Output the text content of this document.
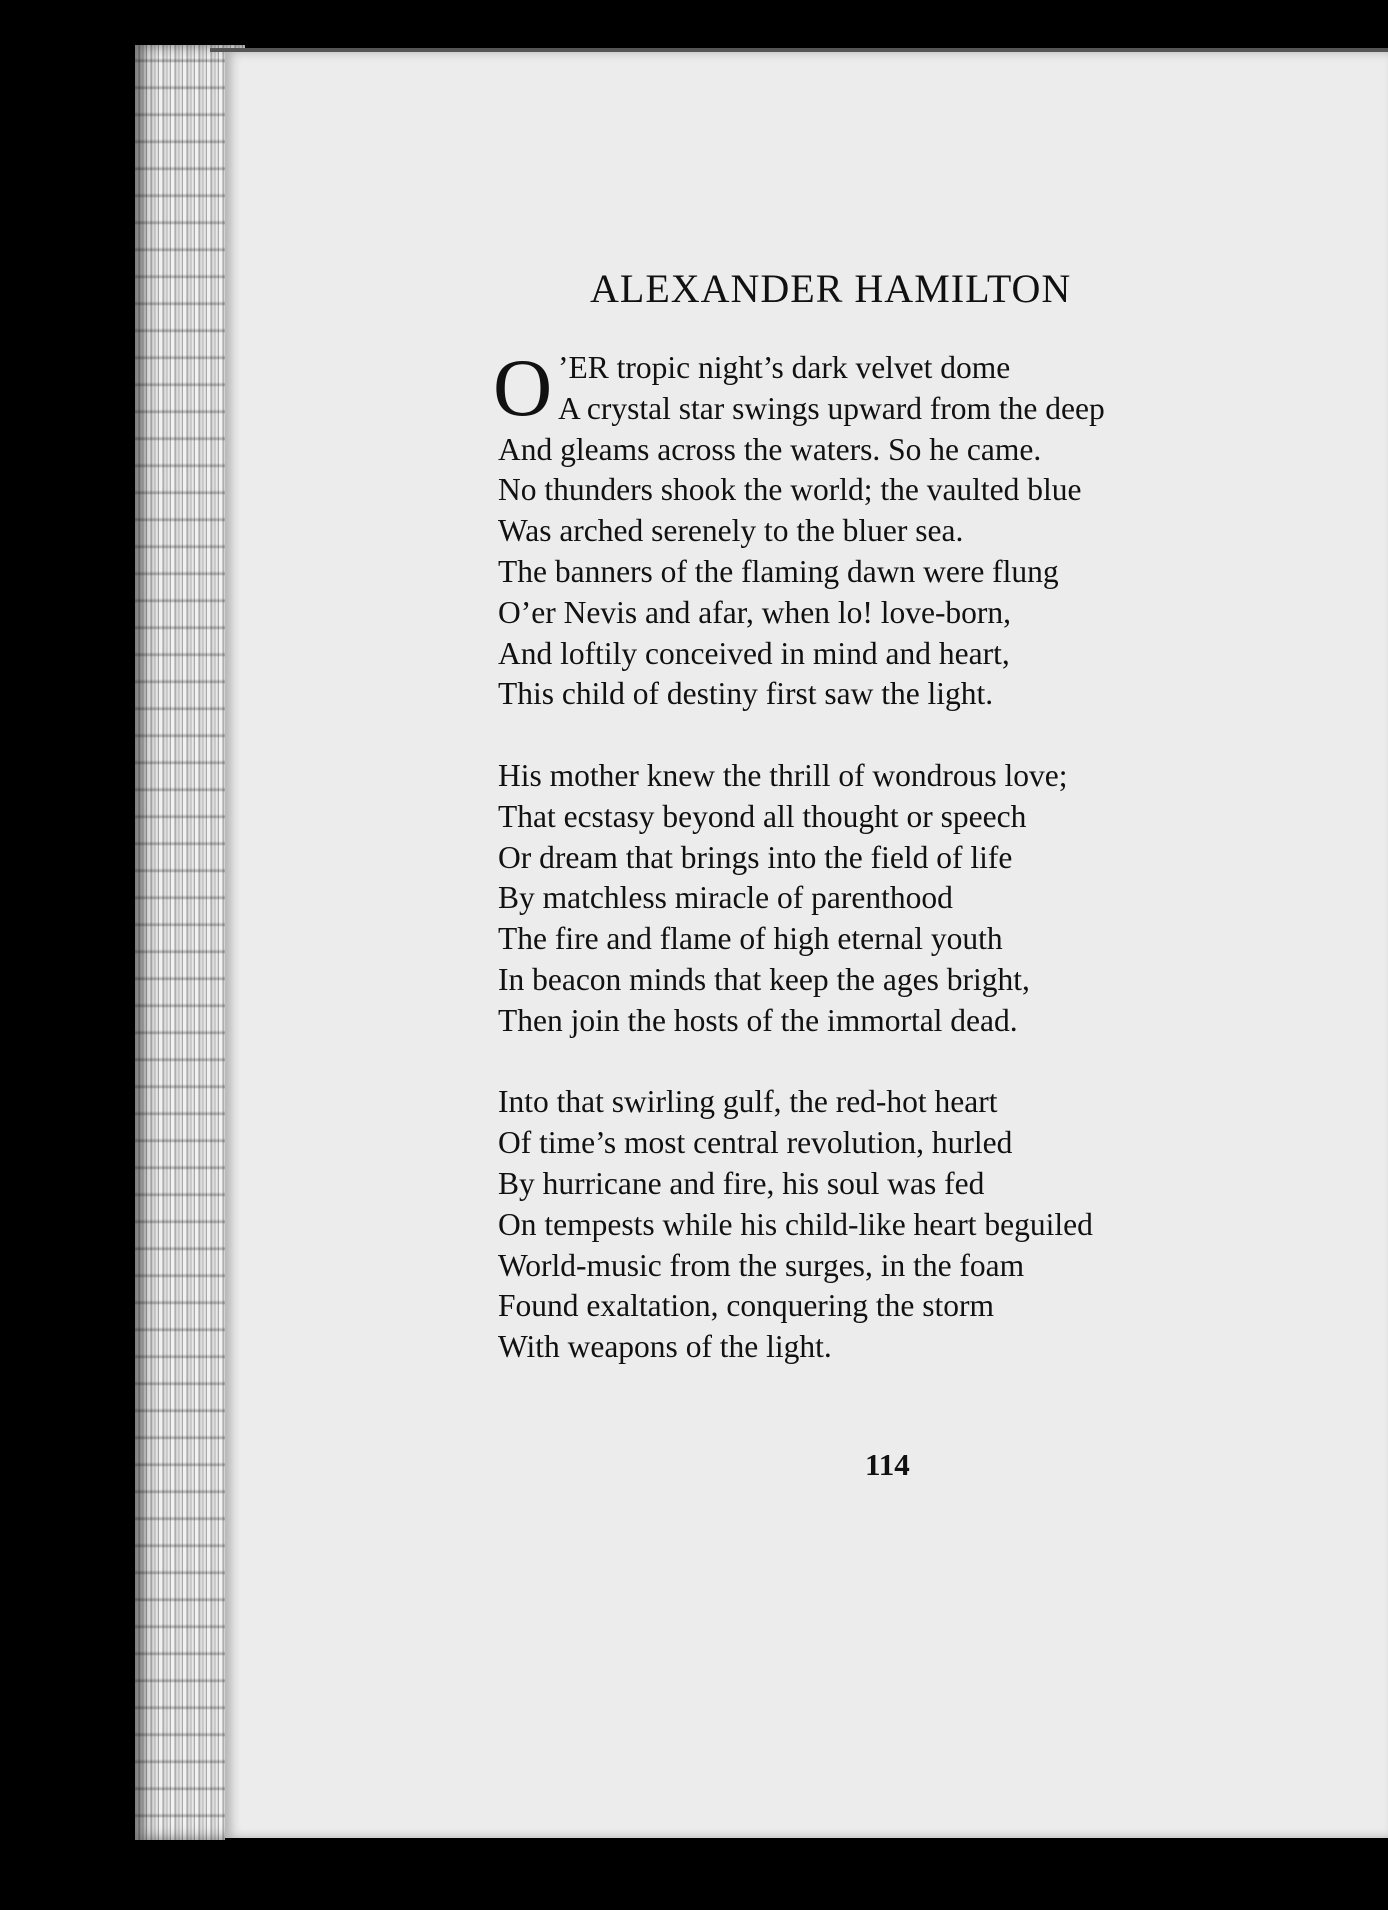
ALEXANDER HAMILTON
O ’ER tropic night’s dark velvet dome
A crystal star swings upward from the deep
And gleams across the waters. So he came.
No thunders shook the world; the vaulted blue
Was arched serenely to the bluer sea.
The banners of the flaming dawn were flung
O’er Nevis and afar, when lo! love-born,
And loftily conceived in mind and heart,
This child of destiny first saw the light.
His mother knew the thrill of wondrous love;
That ecstasy beyond all thought or speech
Or dream that brings into the field of life
By matchless miracle of parenthood
The fire and flame of high eternal youth
In beacon minds that keep the ages bright,
Then join the hosts of the immortal dead.
Into that swirling gulf, the red-hot heart
Of time’s most central revolution, hurled
By hurricane and fire, his soul was fed
On tempests while his child-like heart beguiled
World-music from the surges, in the foam
Found exaltation, conquering the storm
With weapons of the light.
114
